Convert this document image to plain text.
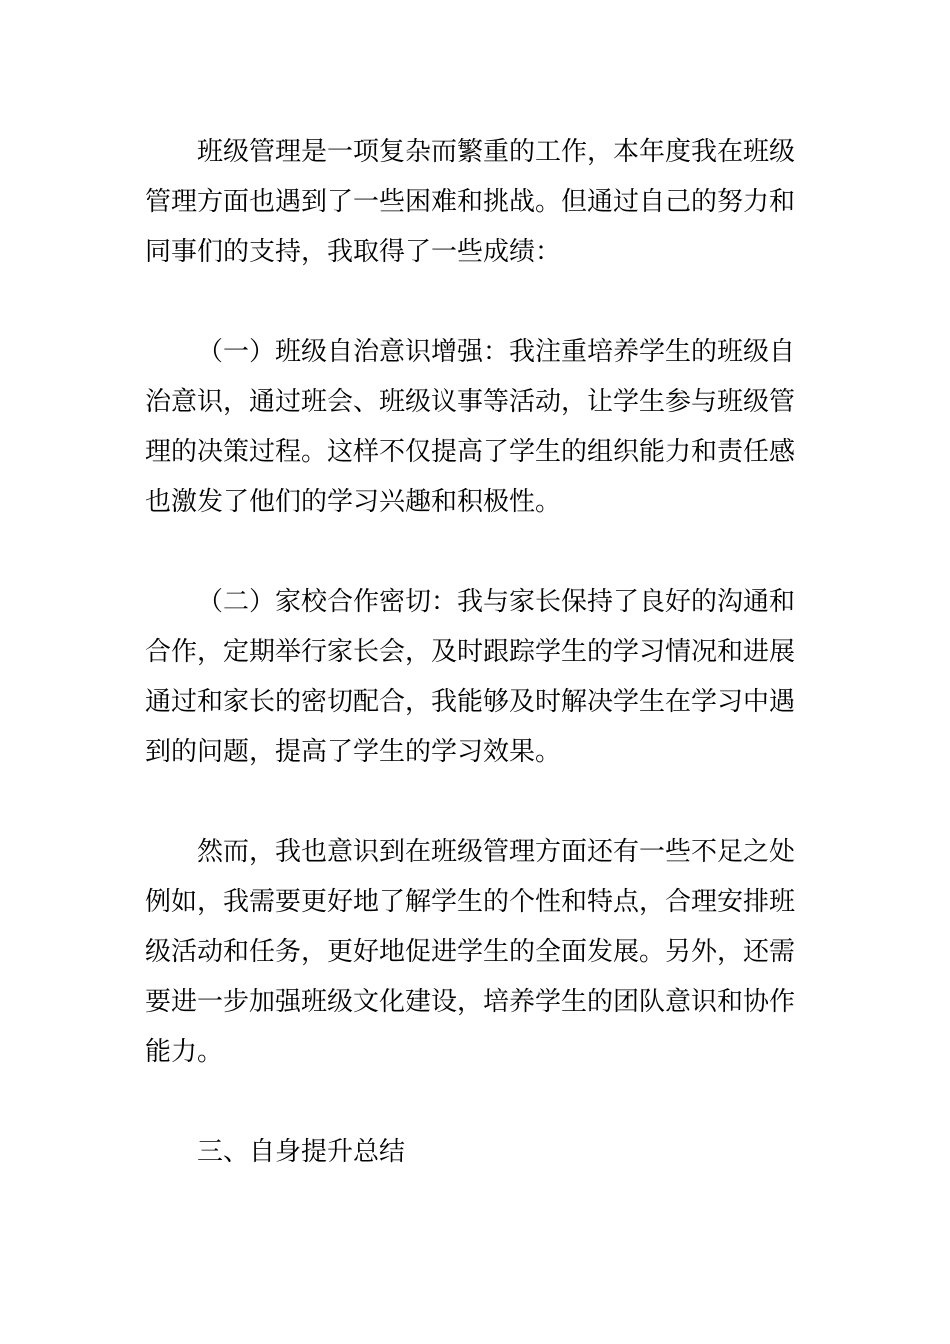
班级管理是一项复杂而繁重的工作，本年度我在班级
管理方面也遇到了一些困难和挑战。但通过自己的努力和
同事们的支持，我取得了一些成绩：
（一）班级自治意识增强：我注重培养学生的班级自
治意识，通过班会、班级议事等活动，让学生参与班级管
理的决策过程。这样不仅提高了学生的组织能力和责任感
也激发了他们的学习兴趣和积极性。
（二）家校合作密切：我与家长保持了良好的沟通和
合作，定期举行家长会，及时跟踪学生的学习情况和进展
通过和家长的密切配合，我能够及时解决学生在学习中遇
到的问题，提高了学生的学习效果。
然而，我也意识到在班级管理方面还有一些不足之处
例如，我需要更好地了解学生的个性和特点，合理安排班
级活动和任务，更好地促进学生的全面发展。另外，还需
要进一步加强班级文化建设，培养学生的团队意识和协作
能力。
三、自身提升总结
